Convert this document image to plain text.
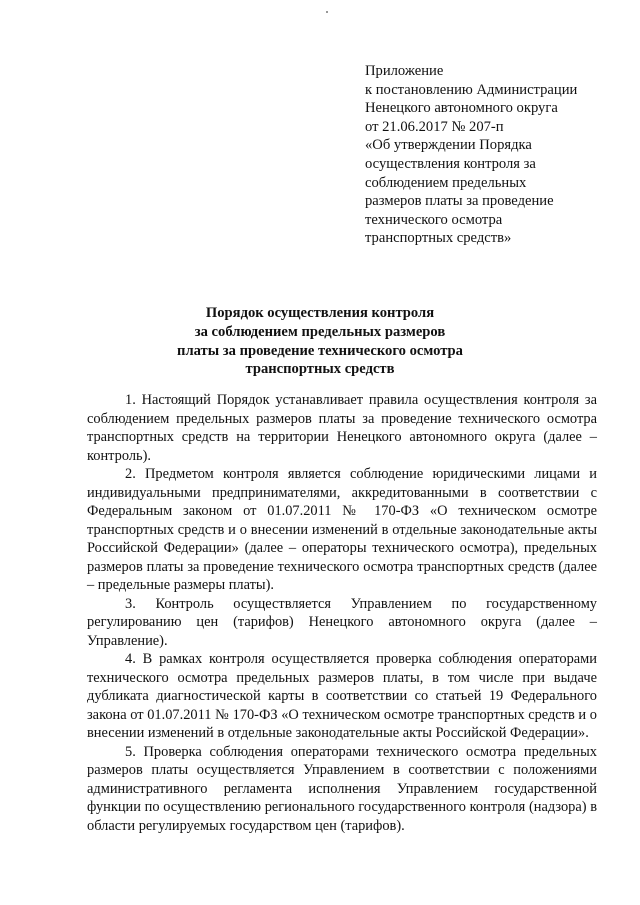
Приложение
к постановлению Администрации
Ненецкого автономного округа
от 21.06.2017 № 207-п
«Об утверждении Порядка
осуществления контроля за
соблюдением предельных
размеров платы за проведение
технического осмотра
транспортных средств»
Порядок осуществления контроля
за соблюдением предельных размеров
платы за проведение технического осмотра
транспортных средств

1. Настоящий Порядок устанавливает правила осуществления контроля за соблюдением предельных размеров платы за проведение технического осмотра транспортных средств на территории Ненецкого автономного округа (далее – контроль).

2. Предметом контроля является соблюдение юридическими лицами и индивидуальными предпринимателями, аккредитованными в соответствии с Федеральным законом от 01.07.2011 № 170-ФЗ «О техническом осмотре транспортных средств и о внесении изменений в отдельные законодательные акты Российской Федерации» (далее – операторы технического осмотра), предельных размеров платы за проведение технического осмотра транспортных средств (далее – предельные размеры платы).

3. Контроль осуществляется Управлением по государственному регулированию цен (тарифов) Ненецкого автономного округа (далее – Управление).

4. В рамках контроля осуществляется проверка соблюдения операторами технического осмотра предельных размеров платы, в том числе при выдаче дубликата диагностической карты в соответствии со статьей 19 Федерального закона от 01.07.2011 № 170-ФЗ «О техническом осмотре транспортных средств и о внесении изменений в отдельные законодательные акты Российской Федерации».

5. Проверка соблюдения операторами технического осмотра предельных размеров платы осуществляется Управлением в соответствии с положениями административного регламента исполнения Управлением государственной функции по осуществлению регионального государственного контроля (надзора) в области регулируемых государством цен (тарифов).
